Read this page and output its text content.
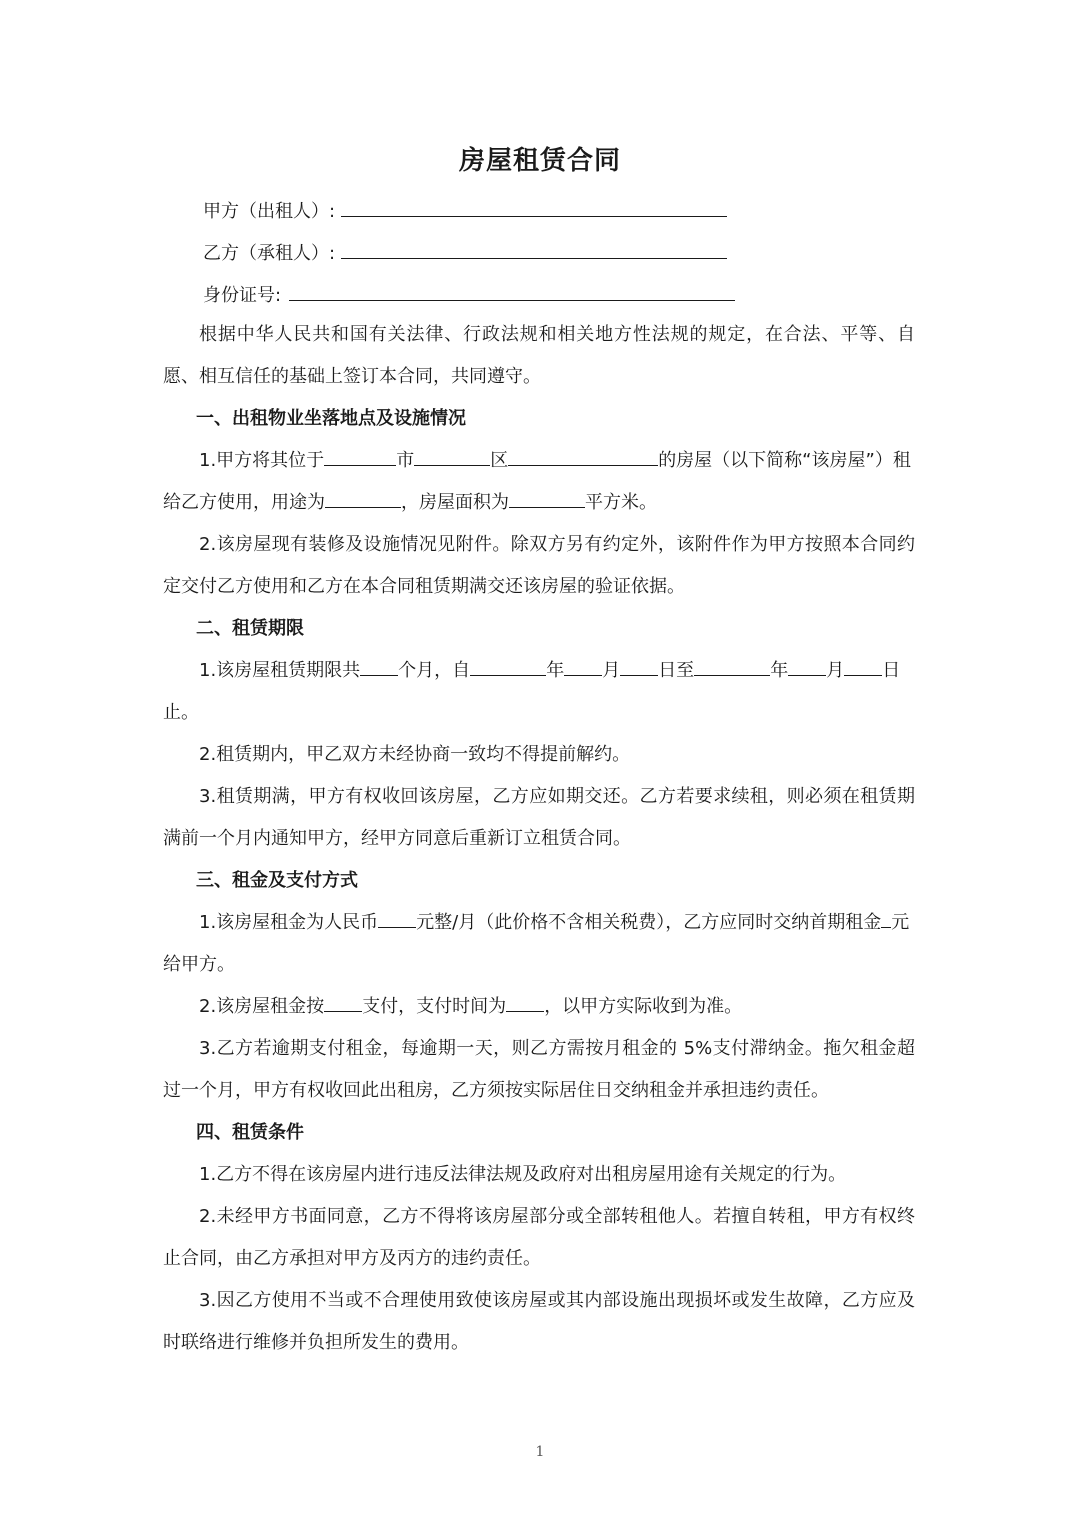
房屋租赁合同
甲方（出租人）:
乙方（承租人）:
身份证号:

根据中华人民共和国有关法律、行政法规和相关地方性法规的规定，在合法、平等、自愿、相互信任的基础上签订本合同，共同遵守。

一、出租物业坐落地点及设施情况

1.甲方将其位于	市	区	的房屋（以下简称“该房屋”）租给乙方使用，用途为	，房屋面积为	平方米。

2.该房屋现有装修及设施情况见附件。除双方另有约定外，该附件作为甲方按照本合同约定交付乙方使用和乙方在本合同租赁期满交还该房屋的验证依据。

二、租赁期限

1.该房屋租赁期限共 个月，自	年 月 日至	年 月 日止。

2.租赁期内，甲乙双方未经协商一致均不得提前解约。

3.租赁期满，甲方有权收回该房屋，乙方应如期交还。乙方若要求续租，则必须在租赁期满前一个月内通知甲方，经甲方同意后重新订立租赁合同。

三、租金及支付方式

1.该房屋租金为人民币 元整/月（此价格不含相关税费），乙方应同时交纳首期租金 元给甲方。

2.该房屋租金按 支付，支付时间为 ，以甲方实际收到为准。

3.乙方若逾期支付租金，每逾期一天，则乙方需按月租金的 5%支付滞纳金。拖欠租金超过一个月，甲方有权收回此出租房，乙方须按实际居住日交纳租金并承担违约责任。

四、租赁条件

1.乙方不得在该房屋内进行违反法律法规及政府对出租房屋用途有关规定的行为。

2.未经甲方书面同意，乙方不得将该房屋部分或全部转租他人。若擅自转租，甲方有权终止合同，由乙方承担对甲方及丙方的违约责任。

3.因乙方使用不当或不合理使用致使该房屋或其内部设施出现损坏或发生故障，乙方应及时联络进行维修并负担所发生的费用。

1
